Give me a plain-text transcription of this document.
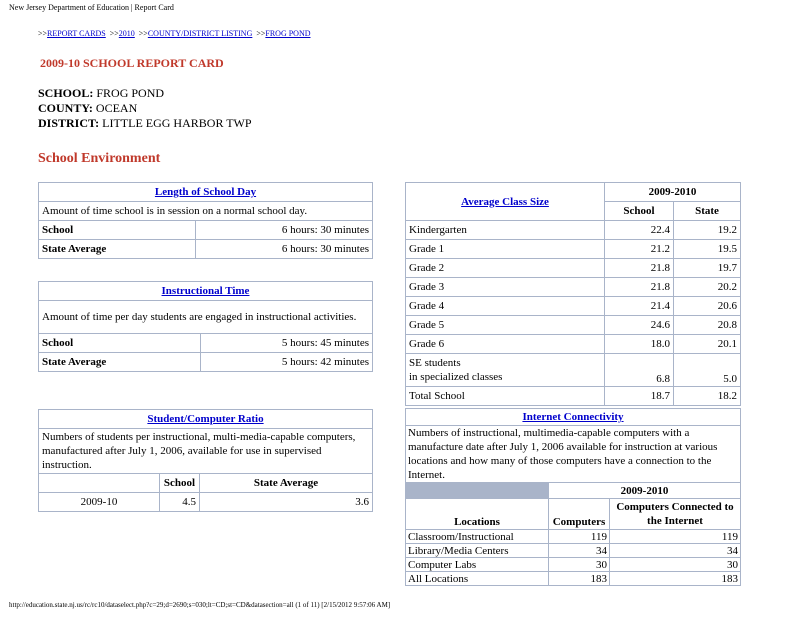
New Jersey Department of Education | Report Card
>>REPORT CARDS >>2010 >>COUNTY/DISTRICT LISTING >>FROG POND
2009-10 SCHOOL REPORT CARD
SCHOOL: FROG POND
COUNTY: OCEAN
DISTRICT: LITTLE EGG HARBOR TWP
School Environment
Length of School Day	
Amount of time school is in session on a normal school day.	
School	6 hours: 30 minutes
State Average	6 hours: 30 minutes
Instructional Time	
Amount of time per day students are engaged in instructional activities.	
School	5 hours: 45 minutes
State Average	5 hours: 42 minutes
Student/Computer Ratio		
Numbers of students per instructional, multi-media-capable computers, manufactured after July 1, 2006, available for use in supervised instruction.		
	School	State Average
2009-10	4.5	3.6
Average Class Size	2009-2010	
	School	State
Kindergarten	22.4	19.2
Grade 1	21.2	19.5
Grade 2	21.8	19.7
Grade 3	21.8	20.2
Grade 4	21.4	20.6
Grade 5	24.6	20.8
Grade 6	18.0	20.1
SE students
in specialized classes	6.8	5.0
Total School	18.7	18.2
Internet Connectivity		
Numbers of instructional, multimedia-capable computers with a manufacture date after July 1, 2006 available for instruction at various locations and how many of those computers have a connection to the Internet.		
	2009-2010	
Locations	Computers	Computers Connected to the Internet
Classroom/Instructional	119	119
Library/Media Centers	34	34
Computer Labs	30	30
All Locations	183	183
http://education.state.nj.us/rc/rc10/dataselect.php?c=29;d=2690;s=030;lt=CD;st=CD&datasection=all (1 of 11) [2/15/2012 9:57:06 AM]
